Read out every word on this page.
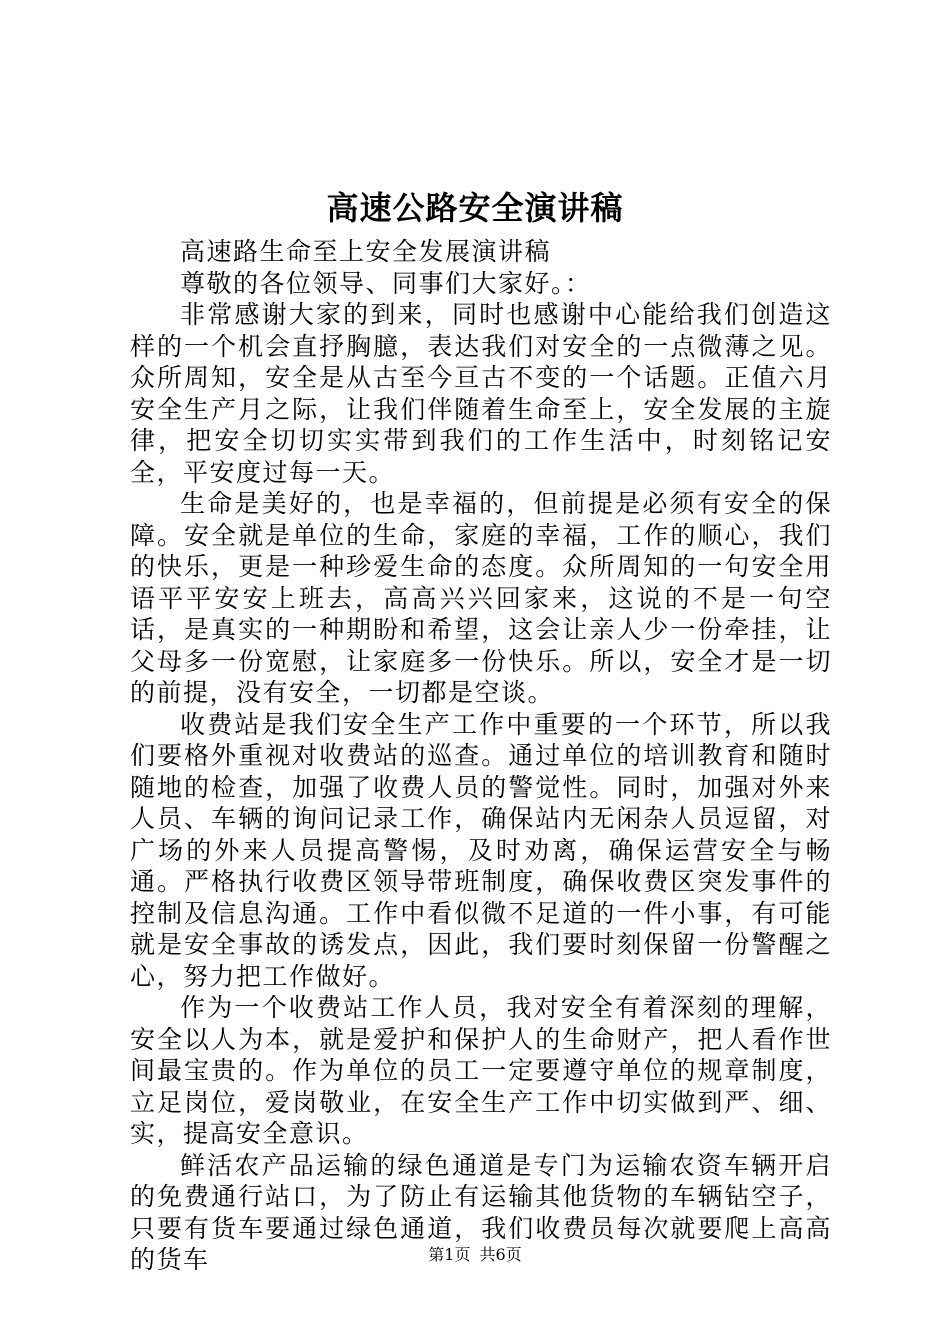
高速公路安全演讲稿

高速路生命至上安全发展演讲稿

尊敬的各位领导、同事们大家好。：

非常感谢大家的到来，同时也感谢中心能给我们创造这样的一个机会直抒胸臆，表达我们对安全的一点微薄之见。众所周知，安全是从古至今亘古不变的一个话题。正值六月安全生产月之际，让我们伴随着生命至上，安全发展的主旋律，把安全切切实实带到我们的工作生活中，时刻铭记安全，平安度过每一天。

生命是美好的，也是幸福的，但前提是必须有安全的保障。安全就是单位的生命，家庭的幸福，工作的顺心，我们的快乐，更是一种珍爱生命的态度。众所周知的一句安全用语平平安安上班去，高高兴兴回家来，这说的不是一句空话，是真实的一种期盼和希望，这会让亲人少一份牵挂，让父母多一份宽慰，让家庭多一份快乐。所以，安全才是一切的前提，没有安全，一切都是空谈。

收费站是我们安全生产工作中重要的一个环节，所以我们要格外重视对收费站的巡查。通过单位的培训教育和随时随地的检查，加强了收费人员的警觉性。同时，加强对外来人员、车辆的询问记录工作，确保站内无闲杂人员逗留，对广场的外来人员提高警惕，及时劝离，确保运营安全与畅通。严格执行收费区领导带班制度，确保收费区突发事件的控制及信息沟通。工作中看似微不足道的一件小事，有可能就是安全事故的诱发点，因此，我们要时刻保留一份警醒之心，努力把工作做好。

作为一个收费站工作人员，我对安全有着深刻的理解，安全以人为本，就是爱护和保护人的生命财产，把人看作世间最宝贵的。作为单位的员工一定要遵守单位的规章制度，立足岗位，爱岗敬业，在安全生产工作中切实做到严、细、实，提高安全意识。

鲜活农产品运输的绿色通道是专门为运输农资车辆开启的免费通行站口，为了防止有运输其他货物的车辆钻空子，只要有货车要通过绿色通道，我们收费员每次就要爬上高高的货车	第1页 共6页
